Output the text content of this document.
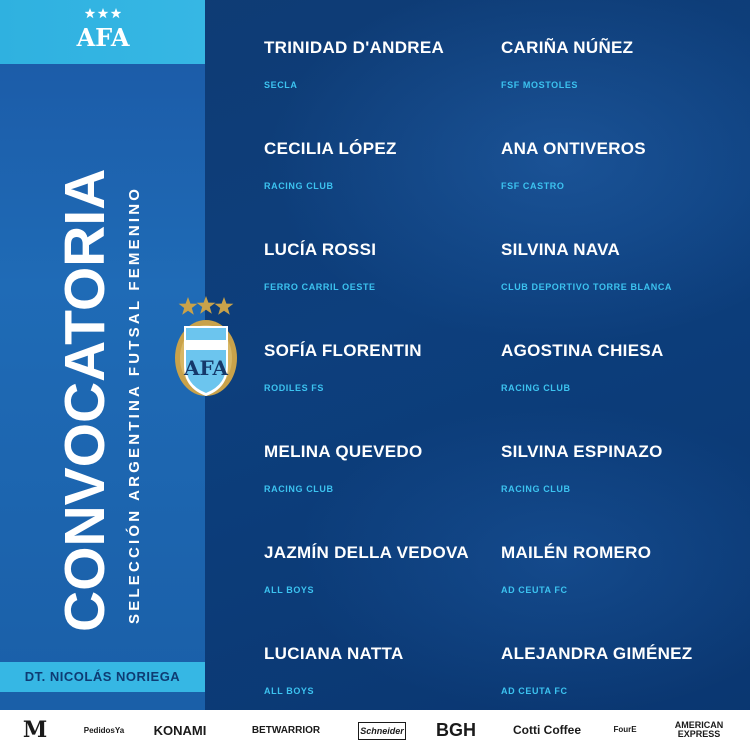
AFA
CONVOCATORIA SELECCIÓN ARGENTINA FUTSAL FEMENINO
DT. NICOLÁS NORIEGA
AFA
TRINIDAD D'ANDREA
SECLA
CARIÑA NÚÑEZ
FSF MOSTOLES
CECILIA LÓPEZ
RACING CLUB
ANA ONTIVEROS
FSF CASTRO
LUCÍA ROSSI
FERRO CARRIL OESTE
SILVINA NAVA
CLUB DEPORTIVO TORRE BLANCA
SOFÍA FLORENTIN
RODILES FS
AGOSTINA CHIESA
RACING CLUB
MELINA QUEVEDO
RACING CLUB
SILVINA ESPINAZO
RACING CLUB
JAZMÍN DELLA VEDOVA
ALL BOYS
MAILÉN ROMERO
AD CEUTA FC
LUCIANA NATTA
ALL BOYS
ALEJANDRA GIMÉNEZ
AD CEUTA FC
M	PedidosYa	KONAMI	BETWARRIOR	Schneider BGH	Cotti Coffee	FourE	AMERICAN EXPRESS
